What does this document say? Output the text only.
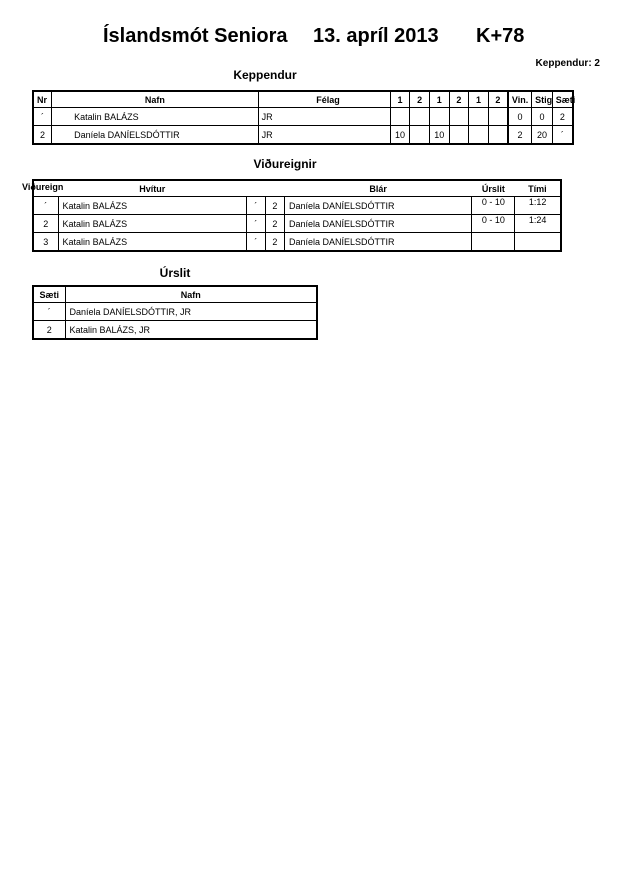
Íslandsmót Seniora 13. apríl 2013 K+78
Keppendur: 2
Keppendur
Nr	Nafn	Félag	1	2	1	2	1	2	Vin.	Stig	Sæti
´	Katalin BALÁZS	JR							0	0	2
2	Daníela DANÍELSDÓTTIR	JR	10		10				2	20	´
Viðureignir
Viðureign	Hvítur			Blár	Úrslit	Tími
´	Katalin BALÁZS	´	2	Daníela DANÍELSDÓTTIR	0 - 10	1:12
2	Katalin BALÁZS	´	2	Daníela DANÍELSDÓTTIR	0 - 10	1:24
3	Katalin BALÁZS	´	2	Daníela DANÍELSDÓTTIR		
Úrslit
Sæti	Nafn
´	Daníela DANÍELSDÓTTIR, JR
2	Katalin BALÁZS, JR
